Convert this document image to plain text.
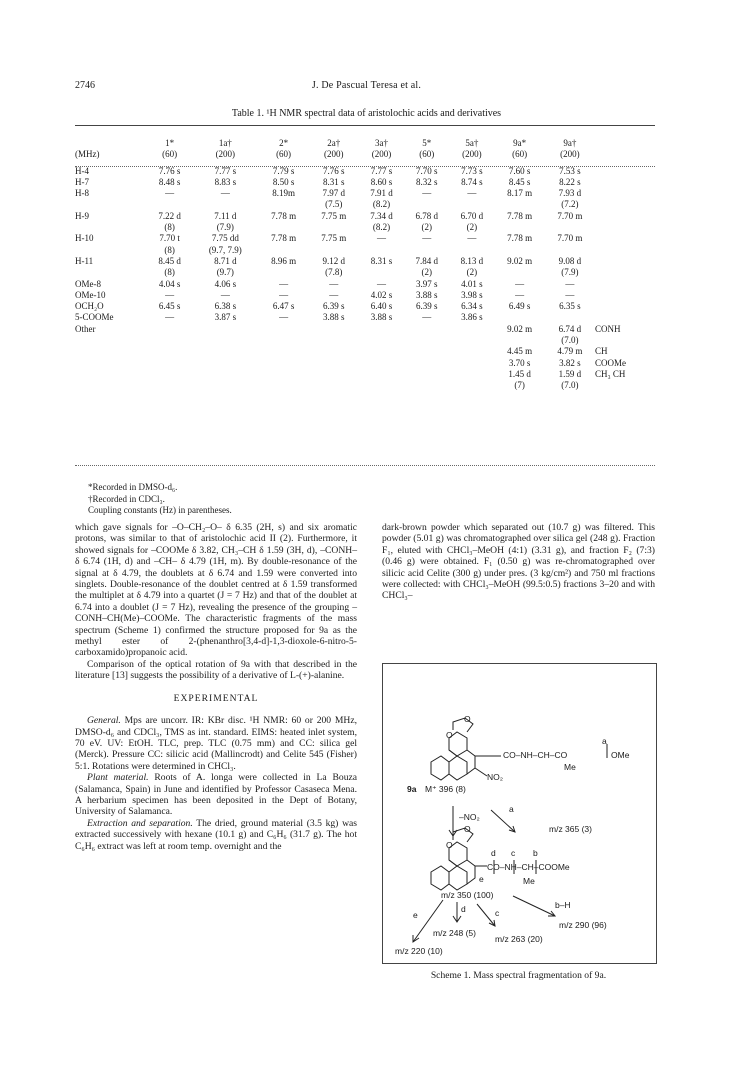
2746	J. De Pascual Teresa et al.
Table 1. ¹H NMR spectral data of aristolochic acids and derivatives
	1*	1a†	2*	2a†	3a†	5*	5a†	9a*	9a†	
(MHz)	(60)	(200)	(60)	(200)	(200)	(60)	(200)	(60)	(200)	

H-4	7.76 s	7.77 s	7.79 s	7.76 s	7.77 s	7.70 s	7.73 s	7.60 s	7.53 s	
H-7	8.48 s	8.83 s	8.50 s	8.31 s	8.60 s	8.32 s	8.74 s	8.45 s	8.22 s	
H-8	—	—	8.19m	7.97 d	7.91 d	—	—	8.17 m	7.93 d	
				(7.5)	(8.2)				(7.2)	
H-9	7.22 d	7.11 d	7.78 m	7.75 m	7.34 d	6.78 d	6.70 d	7.78 m	7.70 m	
	(8)	(7.9)			(8.2)	(2)	(2)			
H-10	7.70 t	7.75 dd	7.78 m	7.75 m	—	—	—	7.78 m	7.70 m	
	(8)	(9.7, 7.9)								
H-11	8.45 d	8.71 d	8.96 m	9.12 d	8.31 s	7.84 d	8.13 d	9.02 m	9.08 d	
	(8)	(9.7)		(7.8)		(2)	(2)		(7.9)	
OMe-8	4.04 s	4.06 s	—	—	—	3.97 s	4.01 s	—	—	
OMe-10	—	—	—	—	4.02 s	3.88 s	3.98 s	—	—	
OCH₂O	6.45 s	6.38 s	6.47 s	6.39 s	6.40 s	6.39 s	6.34 s	6.49 s	6.35 s	
5-COOMe	—	3.87 s	—	3.88 s	3.88 s	—	3.86 s			
Other								9.02 m	6.74 d	CONH
									(7.0)	
								4.45 m	4.79 m	CH
								3.70 s	3.82 s	COOMe
								1.45 d	1.59 d	CH₃ CH
								(7)	(7.0)	
*Recorded in DMSO-d₆.
†Recorded in CDCl₃.
Coupling constants (Hz) in parentheses.

which gave signals for –O–CH₂–O– δ 6.35 (2H, s) and six aromatic protons, was similar to that of aristolochic acid II (2). Furthermore, it showed signals for –COOMe δ 3.82, CH₃–CH δ 1.59 (3H, d), –CONH– δ 6.74 (1H, d) and –CH– δ 4.79 (1H, m). By double-resonance of the signal at δ 4.79, the doublets at δ 6.74 and 1.59 were converted into singlets. Double-resonance of the doublet centred at δ 1.59 transformed the multiplet at δ 4.79 into a quartet (J = 7 Hz) and that of the doublet at 6.74 into a doublet (J = 7 Hz), revealing the presence of the grouping –CONH–CH(Me)–COOMe. The characteristic fragments of the mass spectrum (Scheme 1) confirmed the structure proposed for 9a as the methyl ester of 2-(phenanthro[3,4-d]-1,3-dioxole-6-nitro-5-carboxamido)propanoic acid.

Comparison of the optical rotation of 9a with that described in the literature [13] suggests the possibility of a derivative of L-(+)-alanine.

EXPERIMENTAL

General. Mps are uncorr. IR: KBr disc. ¹H NMR: 60 or 200 MHz, DMSO-d₆ and CDCl₃, TMS as int. standard. EIMS: heated inlet system, 70 eV. UV: EtOH. TLC, prep. TLC (0.75 mm) and CC: silica gel (Merck). Pressure CC: silicic acid (Mallincrodt) and Celite 545 (Fisher) 5:1. Rotations were determined in CHCl₃.

Plant material. Roots of A. longa were collected in La Bouza (Salamanca, Spain) in June and identified by Professor Casaseca Mena. A herbarium specimen has been deposited in the Dept of Botany, University of Salamanca.

Extraction and separation. The dried, ground material (3.5 kg) was extracted successively with hexane (10.1 g) and C₆H₆ (31.7 g). The hot C₆H₆ extract was left at room temp. overnight and the

dark-brown powder which separated out (10.7 g) was filtered. This powder (5.01 g) was chromatographed over silica gel (248 g). Fraction F₁, eluted with CHCl₃–MeOH (4:1) (3.31 g), and fraction F₂ (7:3) (0.46 g) were obtained. F₁ (0.50 g) was re-chromatographed over silicic acid Celite (300 g) under pres. (3 kg/cm²) and 750 ml fractions were collected: with CHCl₃–MeOH (99.5:0.5) fractions 3–20 and with CHCl₃–

O
O
a
CO–NH–CH–CO	OMe
Me
NO₂
9a M⁺ 396 (8)
–NO₂
a
m/z 365 (3)
O
O
d c b
CO–NH–CH–COOMe
e	Me
m/z 350 (100)
b–H
d	c
e
m/z 248 (5)
m/z 290 (96)
m/z 263 (20)
m/z 220 (10)
Scheme 1. Mass spectral fragmentation of 9a.
